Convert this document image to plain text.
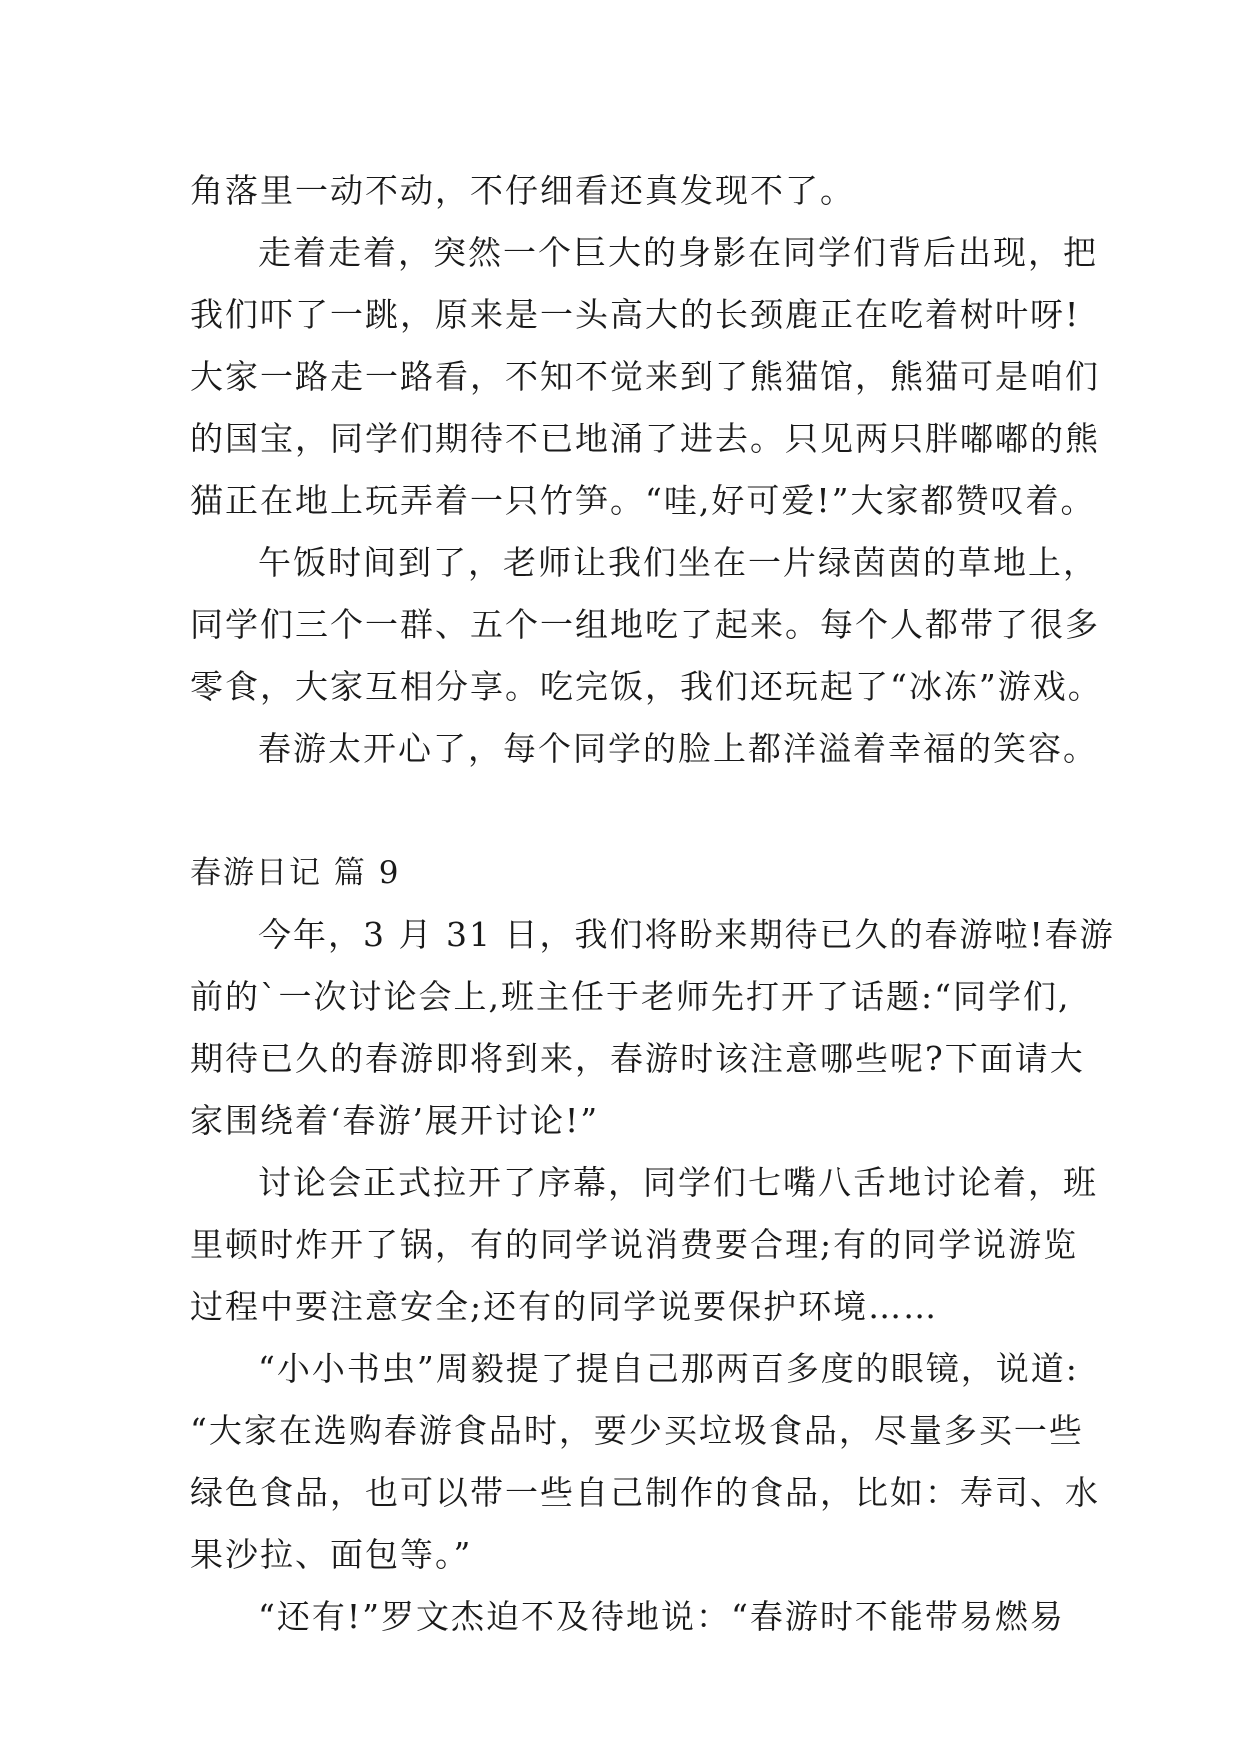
角落里一动不动，不仔细看还真发现不了。
走着走着，突然一个巨大的身影在同学们背后出现，把
我们吓了一跳，原来是一头高大的长颈鹿正在吃着树叶呀!
大家一路走一路看，不知不觉来到了熊猫馆，熊猫可是咱们
的国宝，同学们期待不已地涌了进去。只见两只胖嘟嘟的熊
猫正在地上玩弄着一只竹笋。“哇,好可爱!”大家都赞叹着。
午饭时间到了，老师让我们坐在一片绿茵茵的草地上，
同学们三个一群、五个一组地吃了起来。每个人都带了很多
零食，大家互相分享。吃完饭，我们还玩起了“冰冻”游戏。
春游太开心了，每个同学的脸上都洋溢着幸福的笑容。
春游日记 篇 9
今年，3 月 31 日，我们将盼来期待已久的春游啦!春游
前的`一次讨论会上,班主任于老师先打开了话题:“同学们,
期待已久的春游即将到来，春游时该注意哪些呢?下面请大
家围绕着‘春游’展开讨论!”
讨论会正式拉开了序幕，同学们七嘴八舌地讨论着，班
里顿时炸开了锅，有的同学说消费要合理;有的同学说游览
过程中要注意安全;还有的同学说要保护环境……
“小小书虫”周毅提了提自己那两百多度的眼镜，说道:
“大家在选购春游食品时，要少买垃圾食品，尽量多买一些
绿色食品，也可以带一些自己制作的食品，比如：寿司、水
果沙拉、面包等。”
“还有!”罗文杰迫不及待地说：“春游时不能带易燃易
